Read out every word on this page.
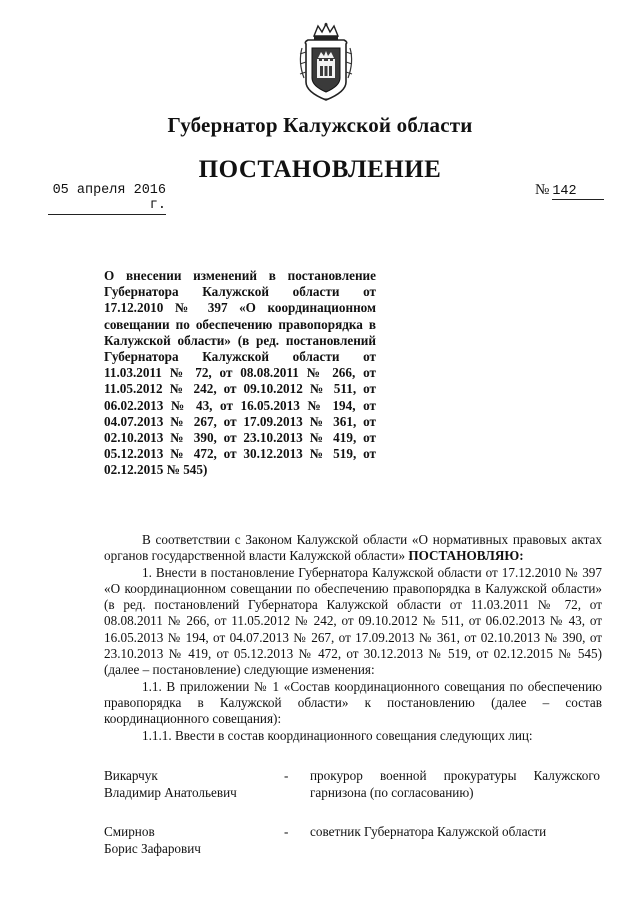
Губернатор Калужской области
ПОСТАНОВЛЕНИЕ
05 апреля 2016 г.
№ 142
О внесении изменений в постановление Губернатора Калужской области от 17.12.2010 № 397 «О координационном совещании по обеспечению правопорядка в Калужской области» (в ред. постановлений Губернатора Калужской области от 11.03.2011 № 72, от 08.08.2011 № 266, от 11.05.2012 № 242, от 09.10.2012 № 511, от 06.02.2013 № 43, от 16.05.2013 № 194, от 04.07.2013 № 267, от 17.09.2013 № 361, от 02.10.2013 № 390, от 23.10.2013 № 419, от 05.12.2013 № 472, от 30.12.2013 № 519, от 02.12.2015 № 545)

В соответствии с Законом Калужской области «О нормативных правовых актах органов государственной власти Калужской области» ПОСТАНОВЛЯЮ:

1. Внести в постановление Губернатора Калужской области от 17.12.2010 № 397 «О координационном совещании по обеспечению правопорядка в Калужской области» (в ред. постановлений Губернатора Калужской области от 11.03.2011 № 72, от 08.08.2011 № 266, от 11.05.2012 № 242, от 09.10.2012 № 511, от 06.02.2013 № 43, от 16.05.2013 № 194, от 04.07.2013 № 267, от 17.09.2013 № 361, от 02.10.2013 № 390, от 23.10.2013 № 419, от 05.12.2013 № 472, от 30.12.2013 № 519, от 02.12.2015 № 545) (далее – постановление) следующие изменения:

1.1. В приложении № 1 «Состав координационного совещания по обеспечению правопорядка в Калужской области» к постановлению (далее – состав координационного совещания):

1.1.1. Ввести в состав координационного совещания следующих лиц:

Викарчук
Владимир Анатольевич
-	прокурор военной прокуратуры Калужского гарнизона (по согласованию)
Смирнов
Борис Зафарович
-	советник Губернатора Калужской области
